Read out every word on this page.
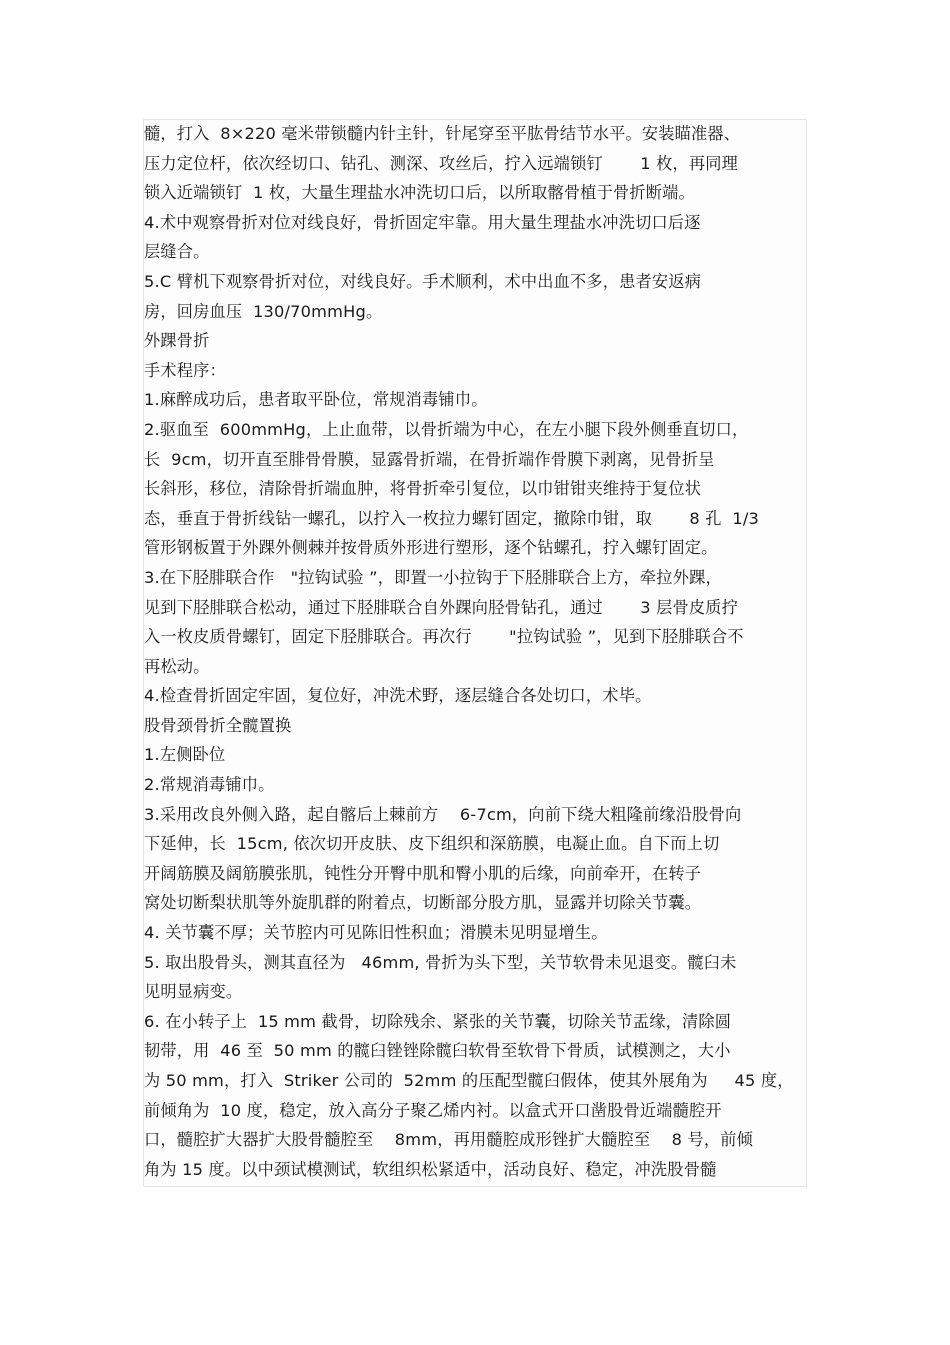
髓，打入  8×220 毫米带锁髓内针主针，针尾穿至平肱骨结节水平。安装瞄准器、
压力定位杆，依次经切口、钻孔、测深、攻丝后，拧入远端锁钉       1 枚，再同理
锁入近端锁钉  1 枚，大量生理盐水冲洗切口后，以所取髂骨植于骨折断端。
4.术中观察骨折对位对线良好，骨折固定牢靠。用大量生理盐水冲洗切口后逐
层缝合。
5.C 臂机下观察骨折对位，对线良好。手术顺利，术中出血不多，患者安返病
房，回房血压  130/70mmHg。
外踝骨折
手术程序：
1.麻醉成功后，患者取平卧位，常规消毒铺巾。
2.驱血至  600mmHg，上止血带，以骨折端为中心，在左小腿下段外侧垂直切口，
长  9cm，切开直至腓骨骨膜，显露骨折端，在骨折端作骨膜下剥离，见骨折呈
长斜形，移位，清除骨折端血肿，将骨折牵引复位，以巾钳钳夹维持于复位状
态，垂直于骨折线钻一螺孔，以拧入一枚拉力螺钉固定，撤除巾钳，取       8 孔  1/3
管形钢板置于外踝外侧棘并按骨质外形进行塑形，逐个钻螺孔，拧入螺钉固定。
3.在下胫腓联合作   "拉钩试验 ”，即置一小拉钩于下胫腓联合上方，牵拉外踝，
见到下胫腓联合松动，通过下胫腓联合自外踝向胫骨钻孔，通过       3 层骨皮质拧
入一枚皮质骨螺钉，固定下胫腓联合。再次行       "拉钩试验 ”，见到下胫腓联合不
再松动。
4.检查骨折固定牢固，复位好，冲洗术野，逐层缝合各处切口，术毕。
股骨颈骨折全髋置换
1.左侧卧位
2.常规消毒铺巾。
3.采用改良外侧入路，起自髂后上棘前方    6-7cm，向前下绕大粗隆前缘沿股骨向
下延伸，长  15cm, 依次切开皮肤、皮下组织和深筋膜，电凝止血。自下而上切
开阔筋膜及阔筋膜张肌，钝性分开臀中肌和臀小肌的后缘，向前牵开，在转子
窝处切断梨状肌等外旋肌群的附着点，切断部分股方肌，显露并切除关节囊。
4. 关节囊不厚；关节腔内可见陈旧性积血；滑膜未见明显增生。
5. 取出股骨头，测其直径为   46mm, 骨折为头下型，关节软骨未见退变。髋臼未
见明显病变。
6. 在小转子上  15 mm 截骨，切除残余、紧张的关节囊，切除关节盂缘，清除圆
韧带，用  46 至  50 mm 的髋臼锉锉除髋臼软骨至软骨下骨质，试模测之，大小
为 50 mm，打入  Striker 公司的  52mm 的压配型髋臼假体，使其外展角为     45 度，
前倾角为  10 度，稳定，放入高分子聚乙烯内衬。以盒式开口凿股骨近端髓腔开
口，髓腔扩大器扩大股骨髓腔至    8mm，再用髓腔成形锉扩大髓腔至    8 号，前倾
角为 15 度。以中颈试模测试，软组织松紧适中，活动良好、稳定，冲洗股骨髓
